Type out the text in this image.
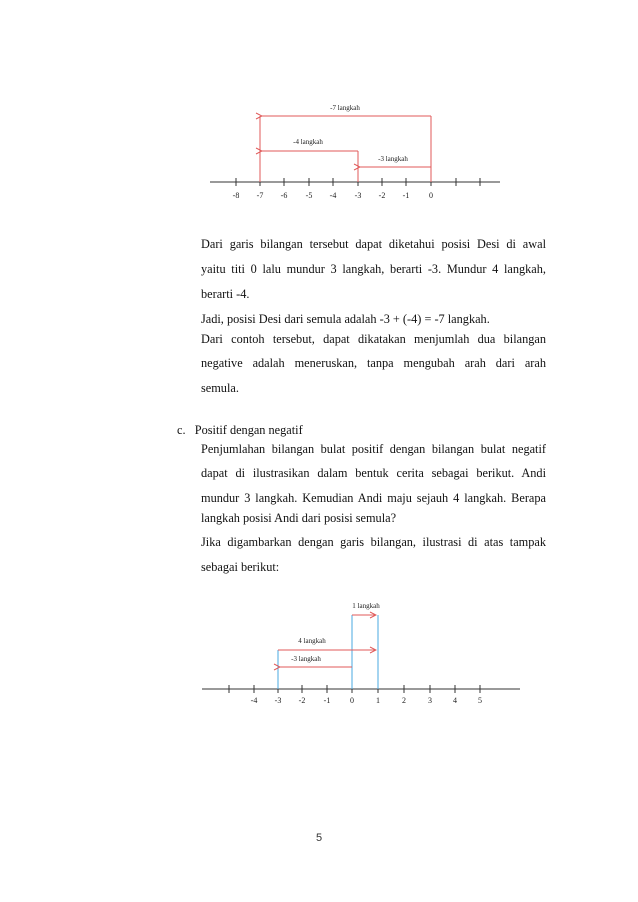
-8 -7 -6 -5 -4 -3 -2 -1 0
-7 langkah
-4 langkah
-3 langkah
Dari garis bilangan tersebut dapat diketahui posisi Desi di awal
yaitu titi 0 lalu mundur 3 langkah, berarti -3. Mundur 4 langkah,
berarti -4.
Jadi, posisi Desi dari semula adalah -3 + (-4) = -7 langkah.
Dari contoh tersebut, dapat dikatakan menjumlah dua bilangan
negative adalah meneruskan, tanpa mengubah arah dari arah
semula.
c.   Positif dengan negatif
Penjumlahan bilangan bulat positif dengan bilangan bulat negatif
dapat di ilustrasikan dalam bentuk cerita sebagai berikut. Andi
mundur 3 langkah. Kemudian Andi maju sejauh 4 langkah. Berapa
langkah posisi Andi dari posisi semula?
Jika digambarkan dengan garis bilangan, ilustrasi di atas tampak
sebagai berikut:
-4 -3 -2 -1 0	1	2	3	4	5
1 langkah
4 langkah
-3 langkah
5
